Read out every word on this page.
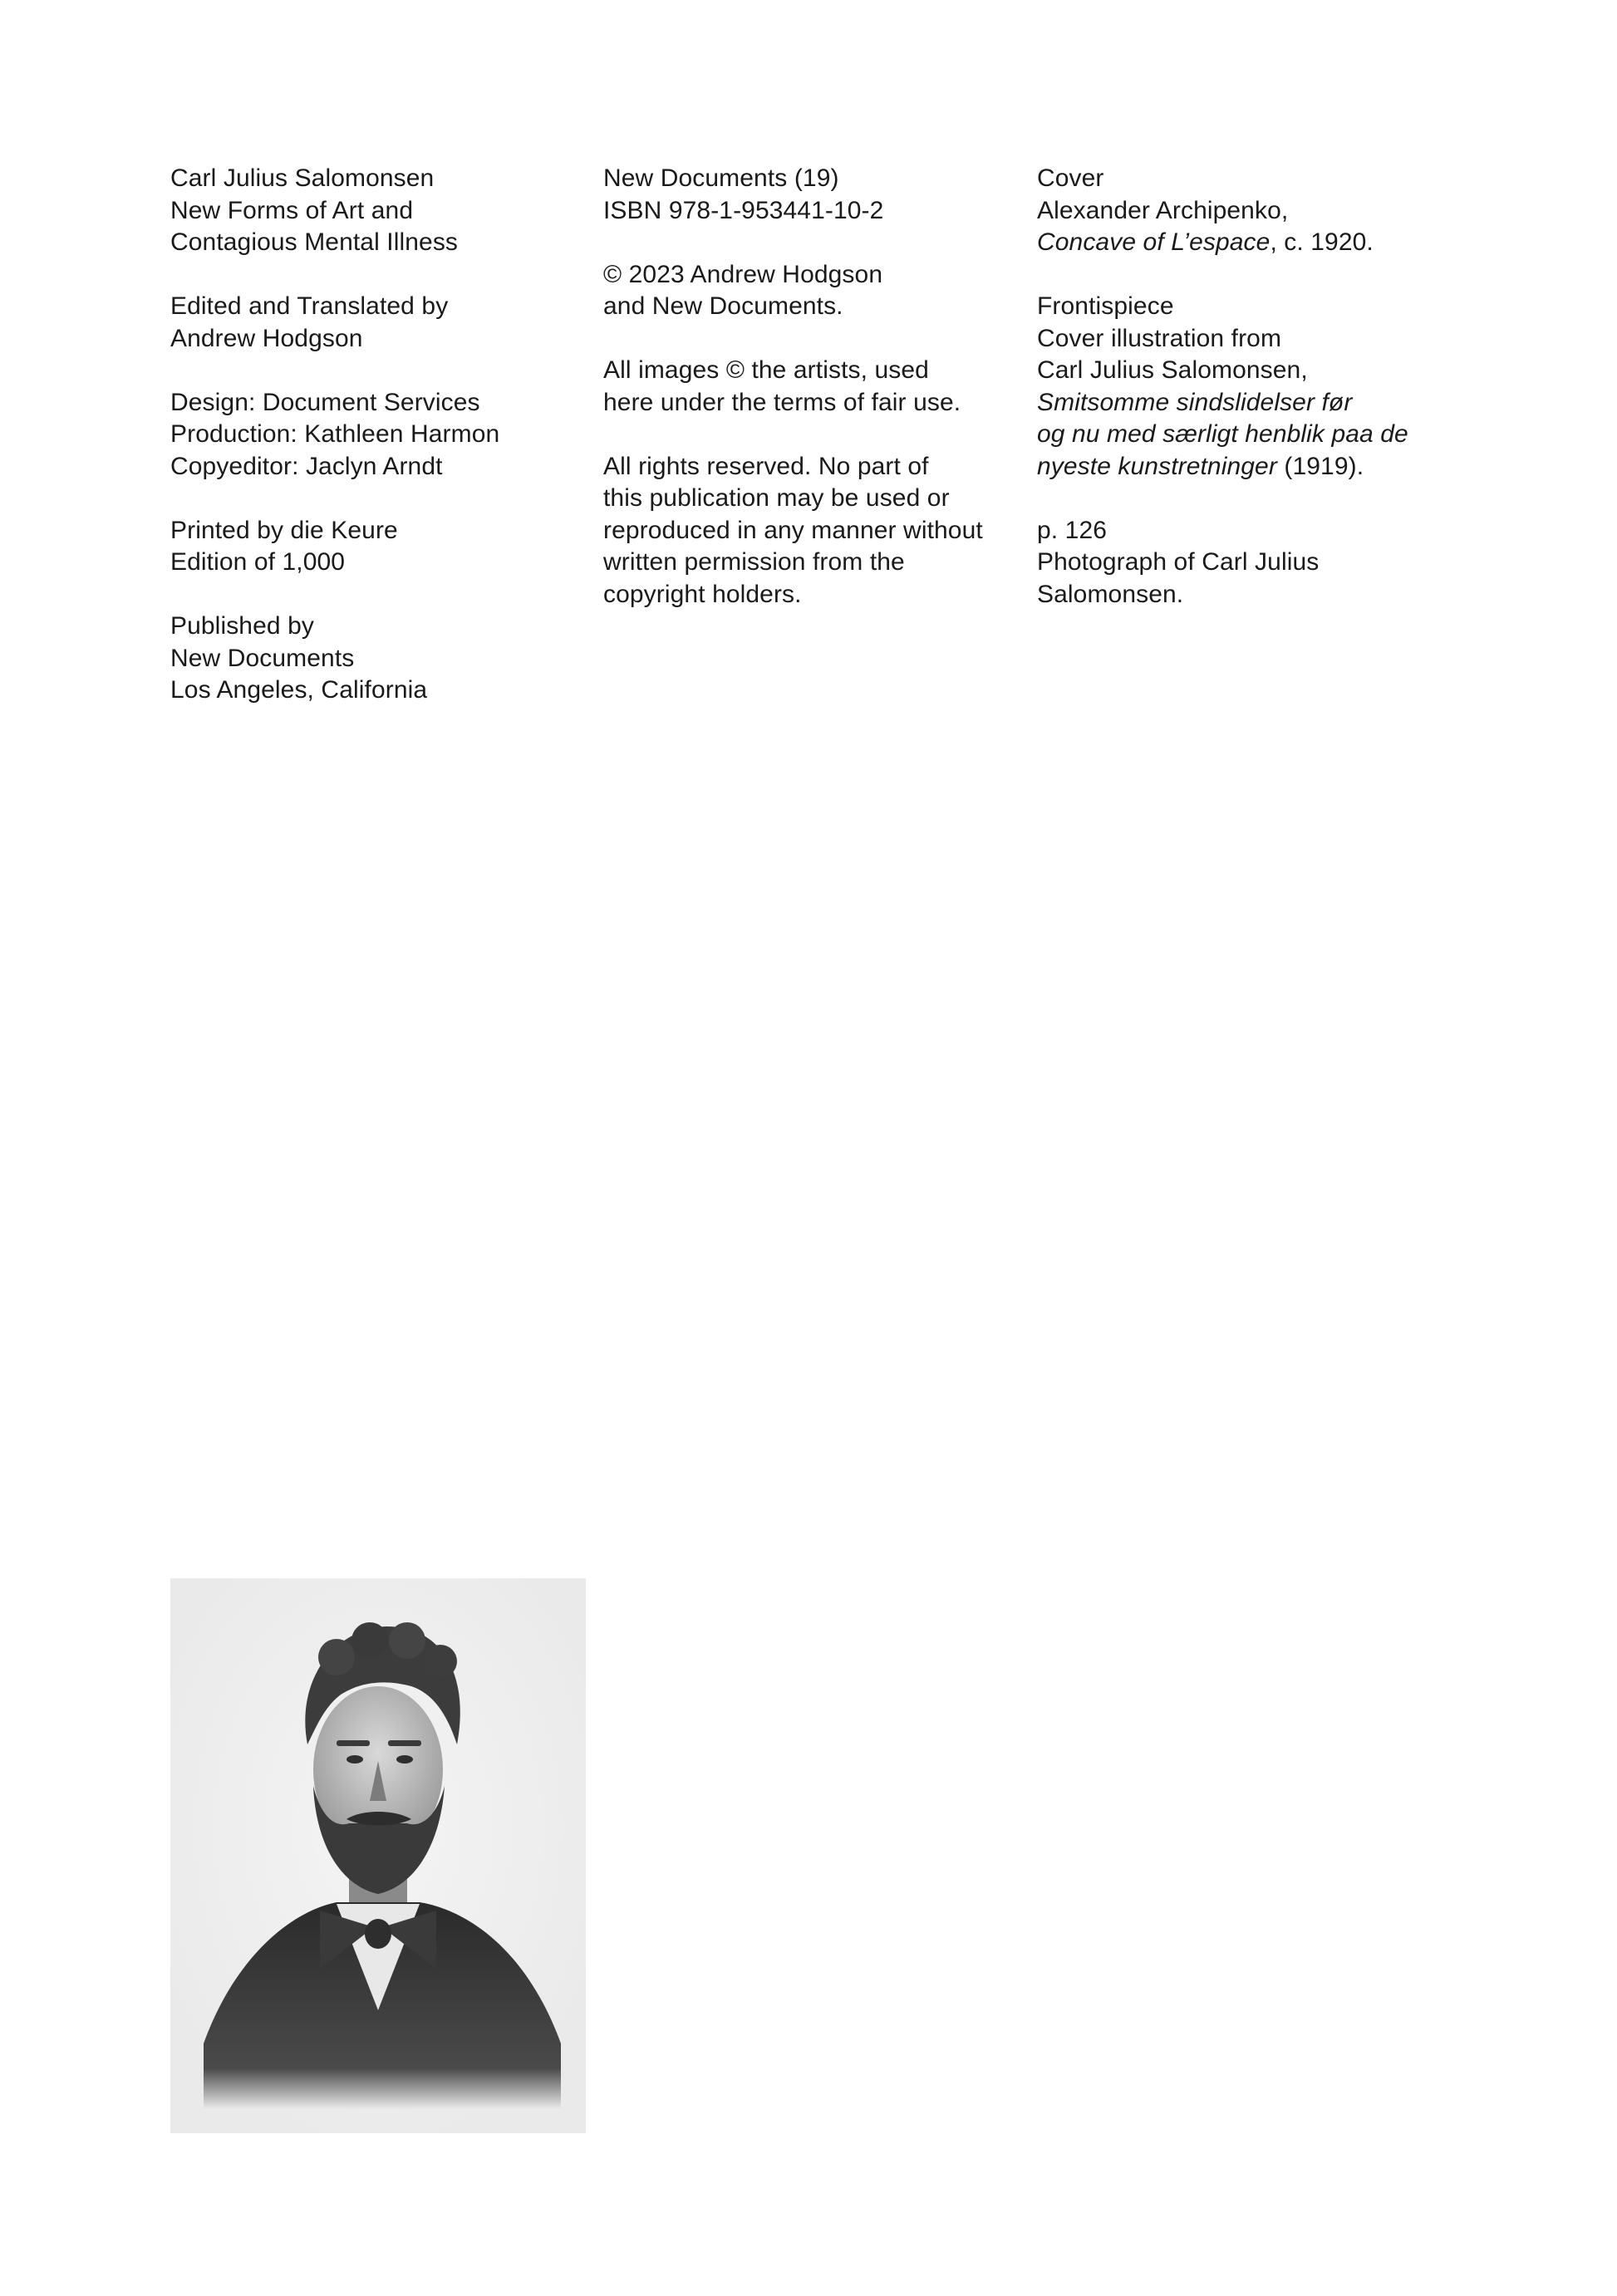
Carl Julius Salomonsen
New Forms of Art and
Contagious Mental Illness
Edited and Translated by
Andrew Hodgson
Design: Document Services
Production: Kathleen Harmon
Copyeditor: Jaclyn Arndt
Printed by die Keure
Edition of 1,000
Published by
New Documents
Los Angeles, California
New Documents (19)
ISBN 978-1-953441-10-2
© 2023 Andrew Hodgson
and New Documents.
All images © the artists, used
here under the terms of fair use.
All rights reserved. No part of
this publication may be used or
reproduced in any manner without
written permission from the
copyright holders.
Cover
Alexander Archipenko,
Concave of L’espace, c. 1920.
Frontispiece
Cover illustration from
Carl Julius Salomonsen,
Smitsomme sindslidelser før
og nu med særligt henblik paa de
nyeste kunstretninger (1919).
p. 126
Photograph of Carl Julius
Salomonsen.
